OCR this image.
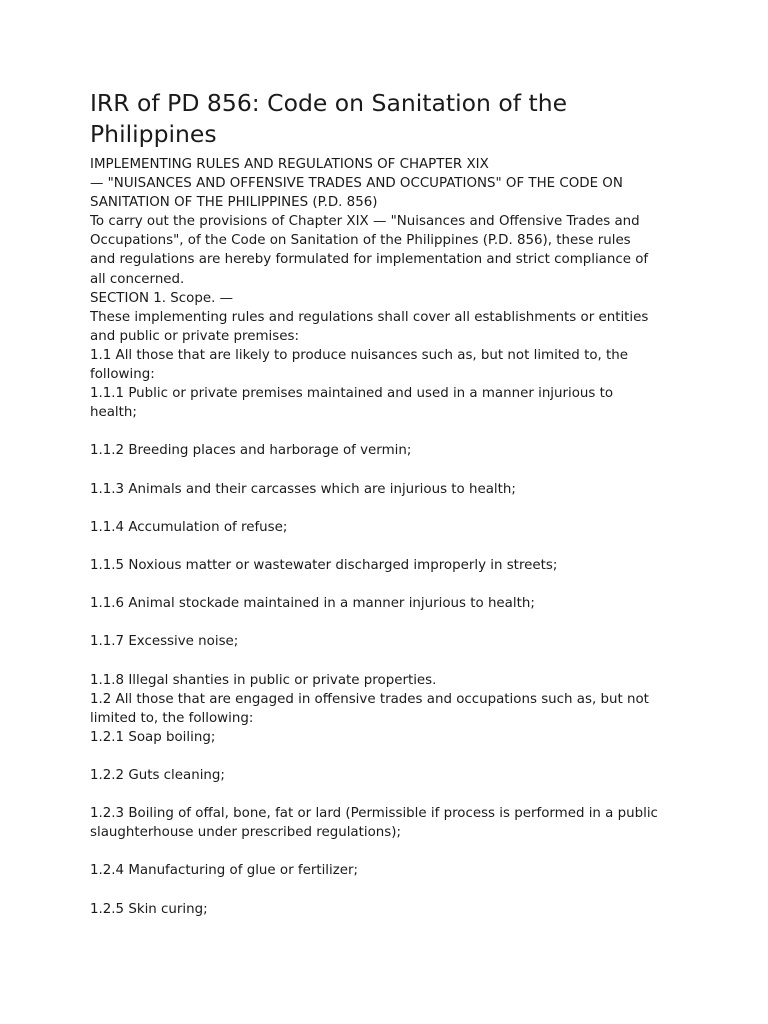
IRR of PD 856: Code on Sanitation of the
Philippines
IMPLEMENTING RULES AND REGULATIONS OF CHAPTER XIX
— "NUISANCES AND OFFENSIVE TRADES AND OCCUPATIONS" OF THE CODE ON
SANITATION OF THE PHILIPPINES (P.D. 856)
To carry out the provisions of Chapter XIX — "Nuisances and Offensive Trades and
Occupations", of the Code on Sanitation of the Philippines (P.D. 856), these rules
and regulations are hereby formulated for implementation and strict compliance of
all concerned.
SECTION 1. Scope. —
These implementing rules and regulations shall cover all establishments or entities
and public or private premises:
1.1 All those that are likely to produce nuisances such as, but not limited to, the
following:
1.1.1 Public or private premises maintained and used in a manner injurious to
health;
1.1.2 Breeding places and harborage of vermin;
1.1.3 Animals and their carcasses which are injurious to health;
1.1.4 Accumulation of refuse;
1.1.5 Noxious matter or wastewater discharged improperly in streets;
1.1.6 Animal stockade maintained in a manner injurious to health;
1.1.7 Excessive noise;
1.1.8 Illegal shanties in public or private properties.
1.2 All those that are engaged in offensive trades and occupations such as, but not
limited to, the following:
1.2.1 Soap boiling;
1.2.2 Guts cleaning;
1.2.3 Boiling of offal, bone, fat or lard (Permissible if process is performed in a public
slaughterhouse under prescribed regulations);
1.2.4 Manufacturing of glue or fertilizer;
1.2.5 Skin curing;
